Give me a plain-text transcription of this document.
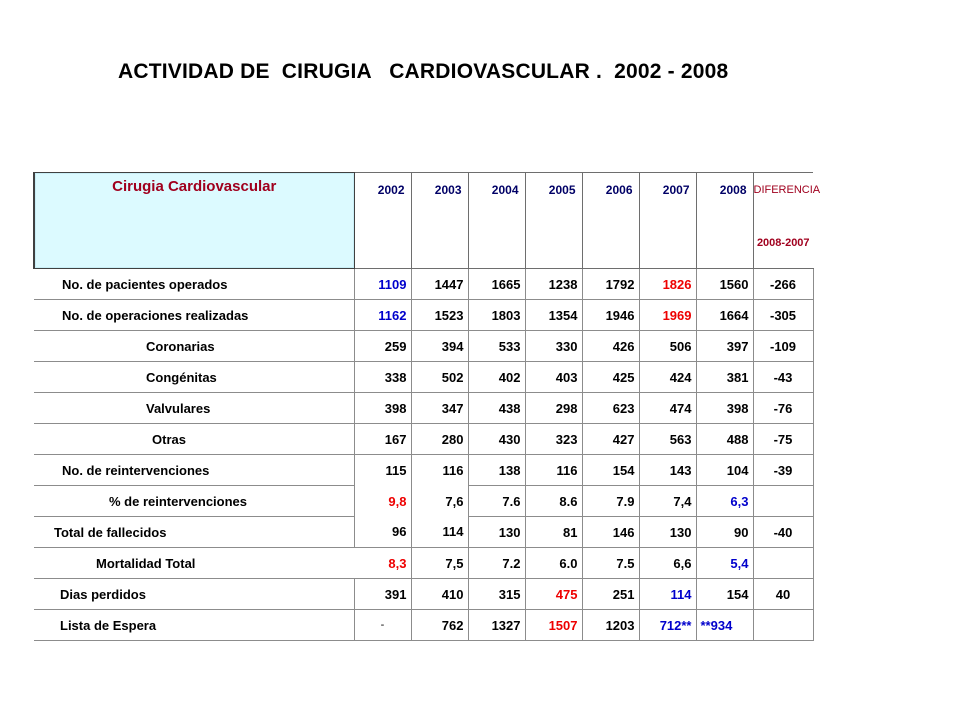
ACTIVIDAD DE  CIRUGIA   CARDIOVASCULAR .  2002 - 2008
Cirugia Cardiovascular	2002	2003	2004	2005	2006	2007	2008	DIFERENCIA
2008-2007

No. de pacientes operados	1109	1447	1665	1238	1792	1826	1560	-266
No. de operaciones realizadas	1162	1523	1803	1354	1946	1969	1664	-305
Coronarias	259	394	533	330	426	506	397	-109
Congénitas	338	502	402	403	425	424	381	-43
Valvulares	398	347	438	298	623	474	398	-76
Otras	167	280	430	323	427	563	488	-75
No. de reintervenciones	115	116	138	116	154	143	104	-39
% de reintervenciones	9,8	7,6	7.6	8.6	7.9	7,4	6,3	
Total de fallecidos	96	114	130	81	146	130	90	-40
Mortalidad Total	8,3	7,5	7.2	6.0	7.5	6,6	5,4	
Dias perdidos	391	410	315	475	251	114	154	40
Lista de Espera	-	762	1327	1507	1203	712**	**934	
